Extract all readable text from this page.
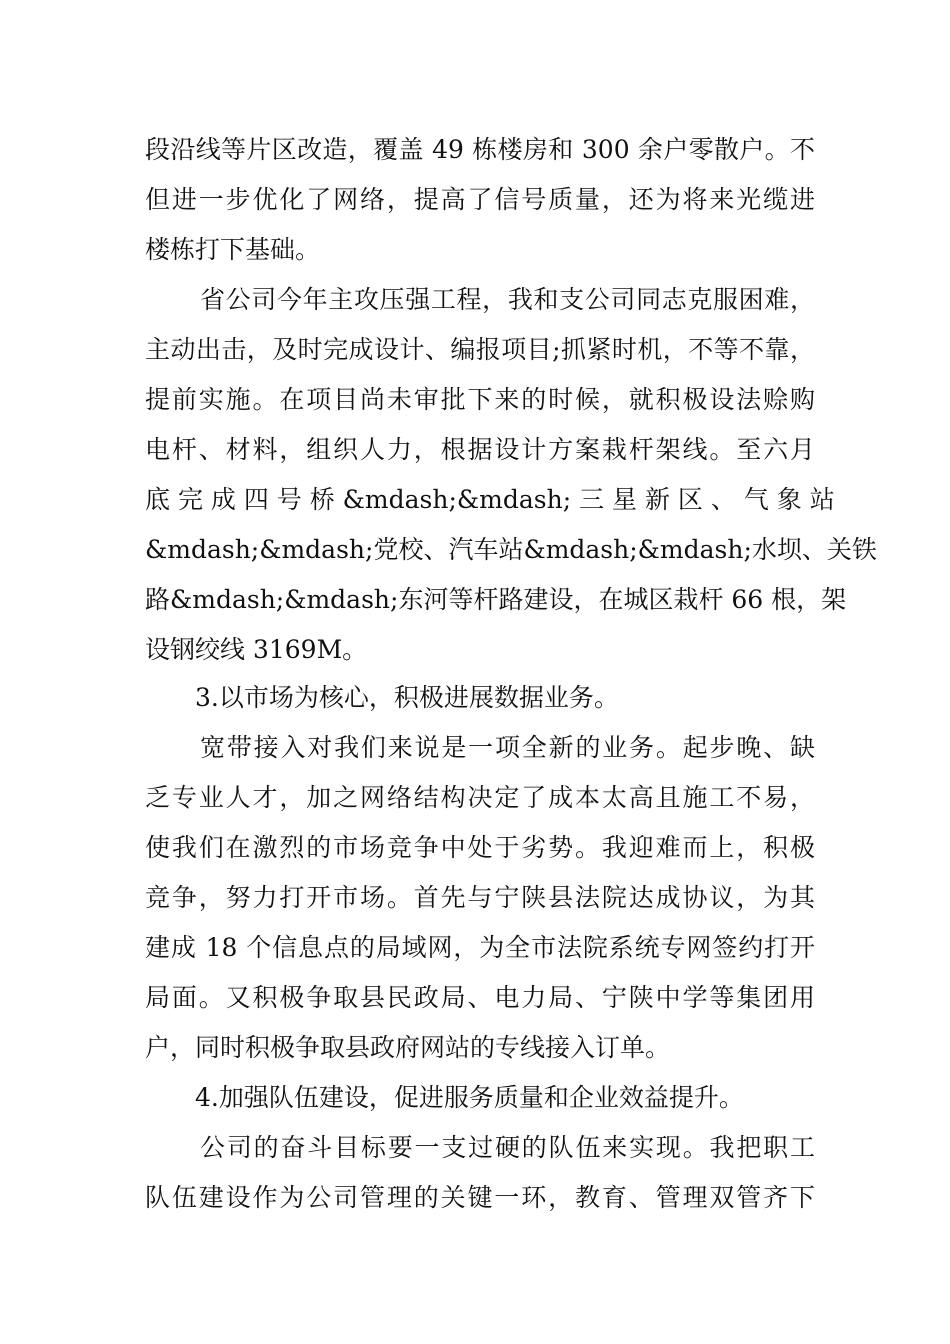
段沿线等片区改造，覆盖 49 栋楼房和 300 余户零散户。不
但进一步优化了网络，提高了信号质量，还为将来光缆进
楼栋打下基础。
省公司今年主攻压强工程，我和支公司同志克服困难，
主动出击，及时完成设计、编报项目;抓紧时机，不等不靠，
提前实施。在项目尚未审批下来的时候，就积极设法赊购
电杆、材料，组织人力，根据设计方案栽杆架线。至六月
底 完 成 四 号 桥 &mdash;&mdash; 三 星 新 区 、 气 象 站
&mdash;&mdash;党校、汽车站&mdash;&mdash;水坝、关铁
路&mdash;&mdash;东河等杆路建设，在城区栽杆 66 根，架
设钢绞线 3169M。
3.以市场为核心，积极进展数据业务。
宽带接入对我们来说是一项全新的业务。起步晚、缺
乏专业人才，加之网络结构决定了成本太高且施工不易，
使我们在激烈的市场竞争中处于劣势。我迎难而上，积极
竞争，努力打开市场。首先与宁陕县法院达成协议，为其
建成 18 个信息点的局域网，为全市法院系统专网签约打开
局面。又积极争取县民政局、电力局、宁陕中学等集团用
户，同时积极争取县政府网站的专线接入订单。
4.加强队伍建设，促进服务质量和企业效益提升。
公司的奋斗目标要一支过硬的队伍来实现。我把职工
队伍建设作为公司管理的关键一环，教育、管理双管齐下
